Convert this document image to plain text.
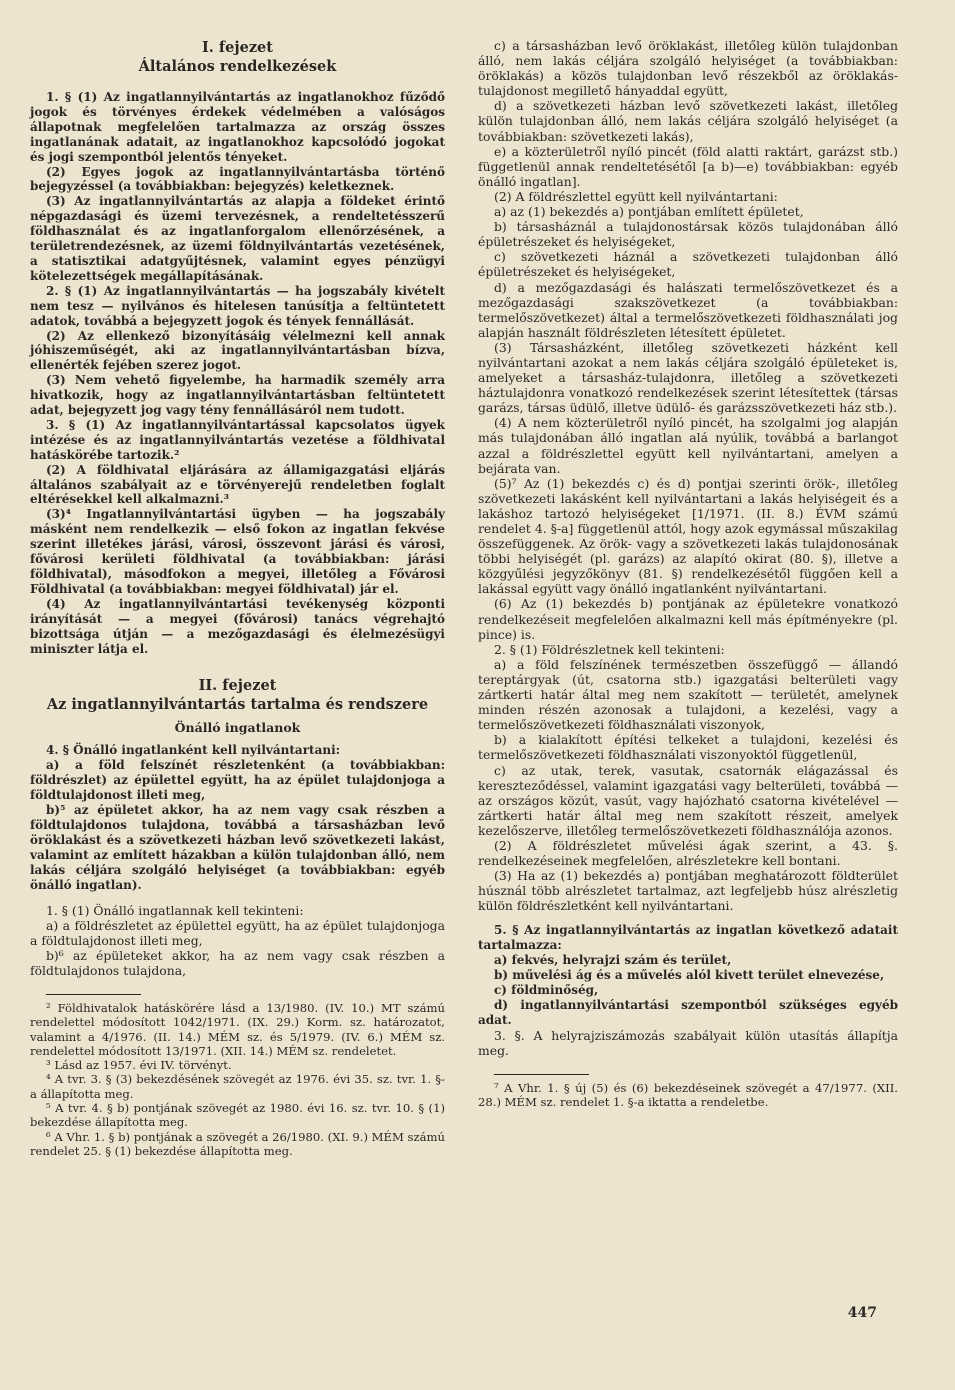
I. fejezet
Általános rendelkezések

1. § (1) Az ingatlannyilvántartás az ingatlanokhoz fűződő jogok és törvényes érdekek védelmében a valóságos állapotnak megfelelően tartalmazza az ország összes ingatlanának adatait, az ingatlanokhoz kapcsolódó jogokat és jogi szempontból jelentős tényeket.

(2) Egyes jogok az ingatlannyilvántartásba történő bejegyzéssel (a továbbiakban: bejegyzés) keletkeznek.

(3) Az ingatlannyilvántartás az alapja a földeket érintő népgazdasági és üzemi tervezésnek, a rendeltetésszerű földhasználat és az ingatlanforgalom ellenőrzésének, a területrendezésnek, az üzemi földnyilvántartás vezetésének, a statisztikai adatgyűjtésnek, valamint egyes pénzügyi kötelezettségek megállapításának.

2. § (1) Az ingatlannyilvántartás — ha jogszabály kivételt nem tesz — nyilvános és hitelesen tanúsítja a feltüntetett adatok, továbbá a bejegyzett jogok és tények fennállását.

(2) Az ellenkező bizonyításáig vélelmezni kell annak jóhiszeműségét, aki az ingatlannyilvántartásban bízva, ellenérték fejében szerez jogot.

(3) Nem vehető figyelembe, ha harmadik személy arra hivatkozik, hogy az ingatlannyilvántartásban feltüntetett adat, bejegyzett jog vagy tény fennállásáról nem tudott.

3. § (1) Az ingatlannyilvántartással kapcsolatos ügyek intézése és az ingatlannyilvántartás vezetése a földhivatal hatáskörébe tartozik.²

(2) A földhivatal eljárására az államigazgatási eljárás általános szabályait az e törvényerejű rendeletben foglalt eltérésekkel kell alkalmazni.³

(3)⁴ Ingatlannyilvántartási ügyben — ha jogszabály másként nem rendelkezik — első fokon az ingatlan fekvése szerint illetékes járási, városi, összevont járási és városi, fővárosi kerületi földhivatal (a továbbiakban: járási földhivatal), másodfokon a megyei, illetőleg a Fővárosi Földhivatal (a továbbiakban: megyei földhivatal) jár el.

(4) Az ingatlannyilvántartási tevékenység központi irányítását — a megyei (fővárosi) tanács végrehajtó bizottsága útján — a mezőgazdasági és élelmezésügyi miniszter látja el.

II. fejezet
Az ingatlannyilvántartás tartalma és rendszere
Önálló ingatlanok

4. § Önálló ingatlanként kell nyilvántartani:

a) a föld felszínét részletenként (a továbbiakban: földrészlet) az épülettel együtt, ha az épület tulajdonjoga a földtulajdonost illeti meg,

b)⁵ az épületet akkor, ha az nem vagy csak részben a földtulajdonos tulajdona, továbbá a társasházban levő öröklakást és a szövetkezeti házban levő szövetkezeti lakást, valamint az említett házakban a külön tulajdonban álló, nem lakás céljára szolgáló helyiséget (a továbbiakban: egyéb önálló ingatlan).

1. § (1) Önálló ingatlannak kell tekinteni:

a) a földrészletet az épülettel együtt, ha az épület tulajdonjoga a földtulajdonost illeti meg,

b)⁶ az épületeket akkor, ha az nem vagy csak részben a földtulajdonos tulajdona,

² Földhivatalok hatáskörére lásd a 13/1980. (IV. 10.) MT számú rendelettel módosított 1042/1971. (IX. 29.) Korm. sz. határozatot, valamint a 4/1976. (II. 14.) MÉM sz. és 5/1979. (IV. 6.) MÉM sz. rendelettel módosított 13/1971. (XII. 14.) MÉM sz. rendeletet.

³ Lásd az 1957. évi IV. törvényt.

⁴ A tvr. 3. § (3) bekezdésének szövegét az 1976. évi 35. sz. tvr. 1. §-a állapította meg.

⁵ A tvr. 4. § b) pontjának szövegét az 1980. évi 16. sz. tvr. 10. § (1) bekezdése állapította meg.

⁶ A Vhr. 1. § b) pontjának a szövegét a 26/1980. (XI. 9.) MÉM számú rendelet 25. § (1) bekezdése állapította meg.

c) a társasházban levő öröklakást, illetőleg külön tulajdonban álló, nem lakás céljára szolgáló helyiséget (a továbbiakban: öröklakás) a közös tulajdonban levő részekből az öröklakás-tulajdonost megillető hányaddal együtt,

d) a szövetkezeti házban levő szövetkezeti lakást, illetőleg külön tulajdonban álló, nem lakás céljára szolgáló helyiséget (a továbbiakban: szövetkezeti lakás),

e) a közterületről nyíló pincét (föld alatti raktárt, garázst stb.) függetlenül annak rendeltetésétől [a b)—e) továbbiakban: egyéb önálló ingatlan].

(2) A földrészlettel együtt kell nyilvántartani:

a) az (1) bekezdés a) pontjában említett épületet,

b) társasháznál a tulajdonostársak közös tulajdonában álló épületrészeket és helyiségeket,

c) szövetkezeti háznál a szövetkezeti tulajdonban álló épületrészeket és helyiségeket,

d) a mezőgazdasági és halászati termelőszövetkezet és a mezőgazdasági szakszövetkezet (a továbbiakban: termelőszövetkezet) által a termelőszövetkezeti földhasználati jog alapján használt földrészleten létesített épületet.

(3) Társasházként, illetőleg szövetkezeti házként kell nyilvántartani azokat a nem lakás céljára szolgáló épületeket is, amelyeket a társasház-tulajdonra, illetőleg a szövetkezeti háztulajdonra vonatkozó rendelkezések szerint létesítettek (társas garázs, társas üdülő, illetve üdülő- és garázsszövetkezeti ház stb.).

(4) A nem közterületről nyíló pincét, ha szolgalmi jog alapján más tulajdonában álló ingatlan alá nyúlik, továbbá a barlangot azzal a földrészlettel együtt kell nyilvántartani, amelyen a bejárata van.

(5)⁷ Az (1) bekezdés c) és d) pontjai szerinti örök-, illetőleg szövetkezeti lakásként kell nyilvántartani a lakás helyiségeit és a lakáshoz tartozó helyiségeket [1/1971. (II. 8.) ÉVM számú rendelet 4. §-a] függetlenül attól, hogy azok egymással műszakilag összefüggenek. Az örök- vagy a szövetkezeti lakás tulajdonosának többi helyiségét (pl. garázs) az alapító okirat (80. §), illetve a közgyűlési jegyzőkönyv (81. §) rendelkezésétől függően kell a lakással együtt vagy önálló ingatlanként nyilvántartani.

(6) Az (1) bekezdés b) pontjának az épületekre vonatkozó rendelkezéseit megfelelően alkalmazni kell más építményekre (pl. pince) is.

2. § (1) Földrészletnek kell tekinteni:

a) a föld felszínének természetben összefüggő — állandó tereptárgyak (út, csatorna stb.) igazgatási belterületi vagy zártkerti határ által meg nem szakított — területét, amelynek minden részén azonosak a tulajdoni, a kezelési, vagy a termelőszövetkezeti földhasználati viszonyok,

b) a kialakított építési telkeket a tulajdoni, kezelési és termelőszövetkezeti földhasználati viszonyoktól függetlenül,

c) az utak, terek, vasutak, csatornák elágazással és kereszteződéssel, valamint igazgatási vagy belterületi, továbbá — az országos közút, vasút, vagy hajózható csatorna kivételével — zártkerti határ által meg nem szakított részeit, amelyek kezelőszerve, illetőleg termelőszövetkezeti földhasználója azonos.

(2) A földrészletet művelési ágak szerint, a 43. §. rendelkezéseinek megfelelően, alrészletekre kell bontani.

(3) Ha az (1) bekezdés a) pontjában meghatározott földterület húsznál több alrészletet tartalmaz, azt legfeljebb húsz alrészletig külön földrészletként kell nyilvántartani.

5. § Az ingatlannyilvántartás az ingatlan következő adatait tartalmazza:

a) fekvés, helyrajzi szám és terület,

b) művelési ág és a művelés alól kivett terület elnevezése,

c) földminőség,

d) ingatlannyilvántartási szempontból szükséges egyéb adat.

3. §. A helyrajziszámozás szabályait külön utasítás állapítja meg.

⁷ A Vhr. 1. § új (5) és (6) bekezdéseinek szövegét a 47/1977. (XII. 28.) MÉM sz. rendelet 1. §-a iktatta a rendeletbe.

447
